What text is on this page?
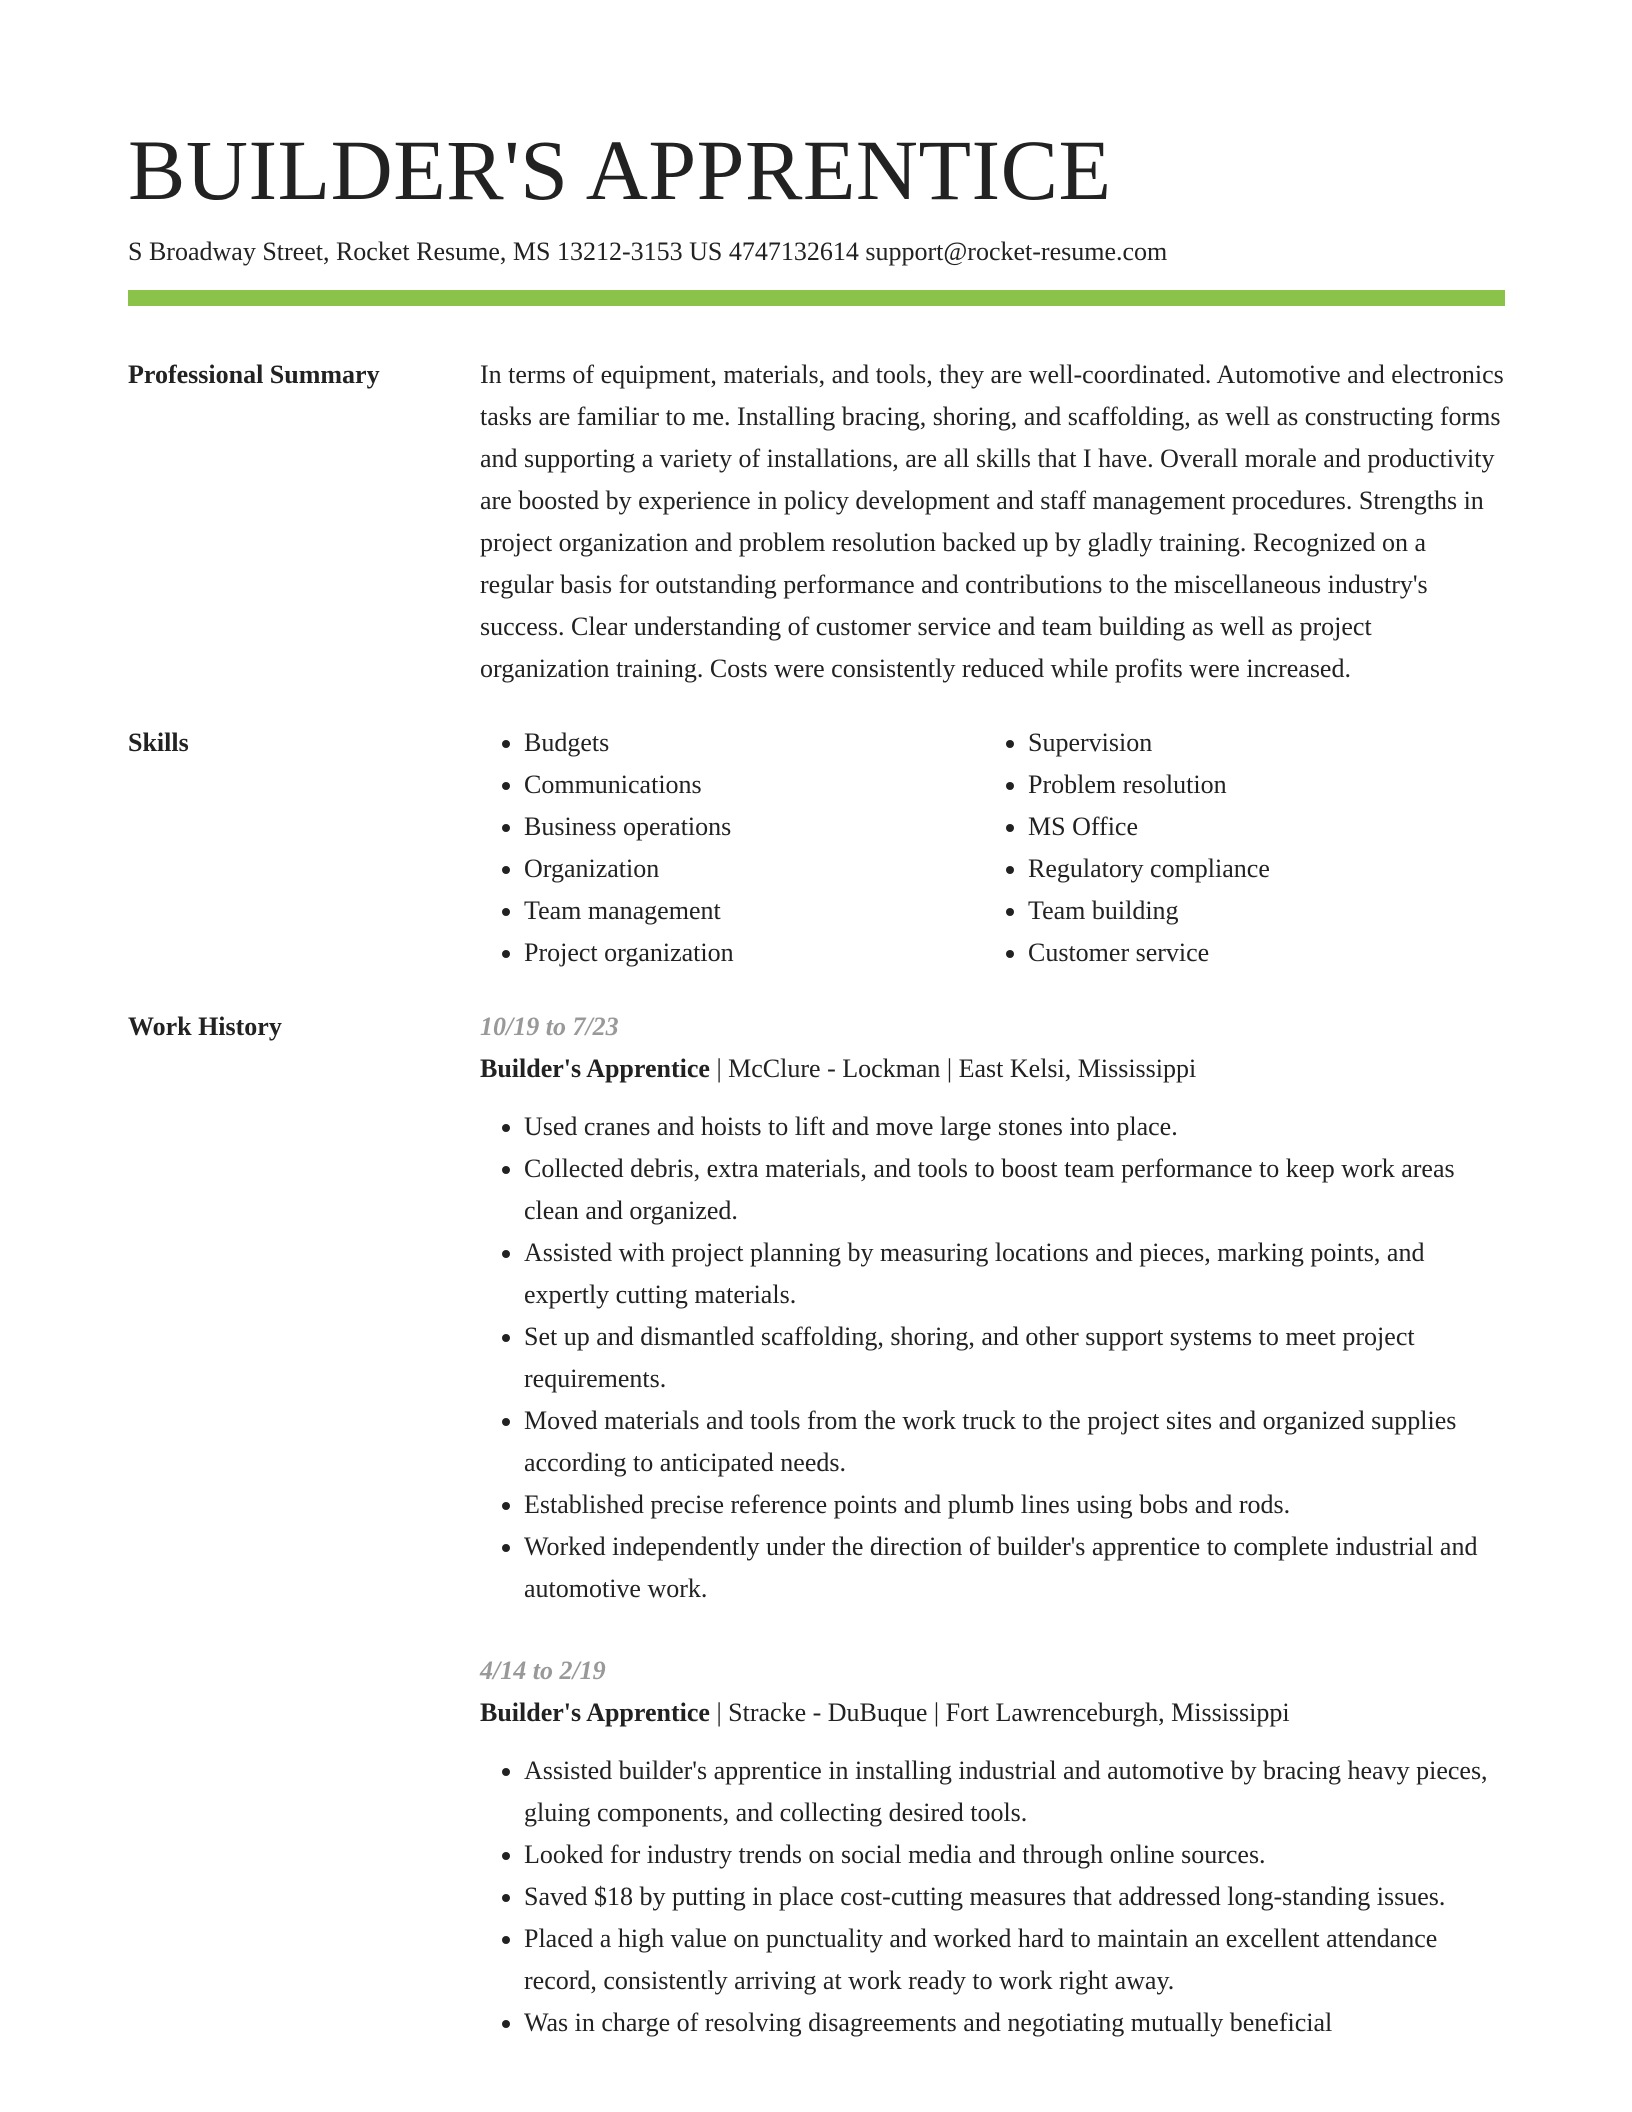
BUILDER'S APPRENTICE
S Broadway Street, Rocket Resume, MS 13212-3153 US 4747132614 support@rocket-resume.com
Professional Summary	In terms of equipment, materials, and tools, they are well-coordinated. Automotive and electronics tasks are familiar to me. Installing bracing, shoring, and scaffolding, as well as constructing forms and supporting a variety of installations, are all skills that I have. Overall morale and productivity are boosted by experience in policy development and staff management procedures. Strengths in project organization and problem resolution backed up by gladly training. Recognized on a regular basis for outstanding performance and contributions to the miscellaneous industry's success. Clear understanding of customer service and team building as well as project organization training. Costs were consistently reduced while profits were increased.

Skills
•	Budgets
• Communications
• Business operations
• Organization
• Team management
• Project organization
• Supervision
• Problem resolution
• MS Office
• Regulatory compliance
• Team building
• Customer service
Work History	10/19 to 7/23
Builder's Apprentice | McClure - Lockman | East Kelsi, Mississippi
• Used cranes and hoists to lift and move large stones into place.
• Collected debris, extra materials, and tools to boost team performance to keep work areas clean and organized.
• Assisted with project planning by measuring locations and pieces, marking points, and expertly cutting materials.
• Set up and dismantled scaffolding, shoring, and other support systems to meet project requirements.
• Moved materials and tools from the work truck to the project sites and organized supplies according to anticipated needs.
• Established precise reference points and plumb lines using bobs and rods.
• Worked independently under the direction of builder's apprentice to complete industrial and automotive work.
4/14 to 2/19
Builder's Apprentice | Stracke - DuBuque | Fort Lawrenceburgh, Mississippi
• Assisted builder's apprentice in installing industrial and automotive by bracing heavy pieces, gluing components, and collecting desired tools.
• Looked for industry trends on social media and through online sources.
• Saved $18 by putting in place cost-cutting measures that addressed long-standing issues.
• Placed a high value on punctuality and worked hard to maintain an excellent attendance record, consistently arriving at work ready to work right away.
• Was in charge of resolving disagreements and negotiating mutually beneficial
